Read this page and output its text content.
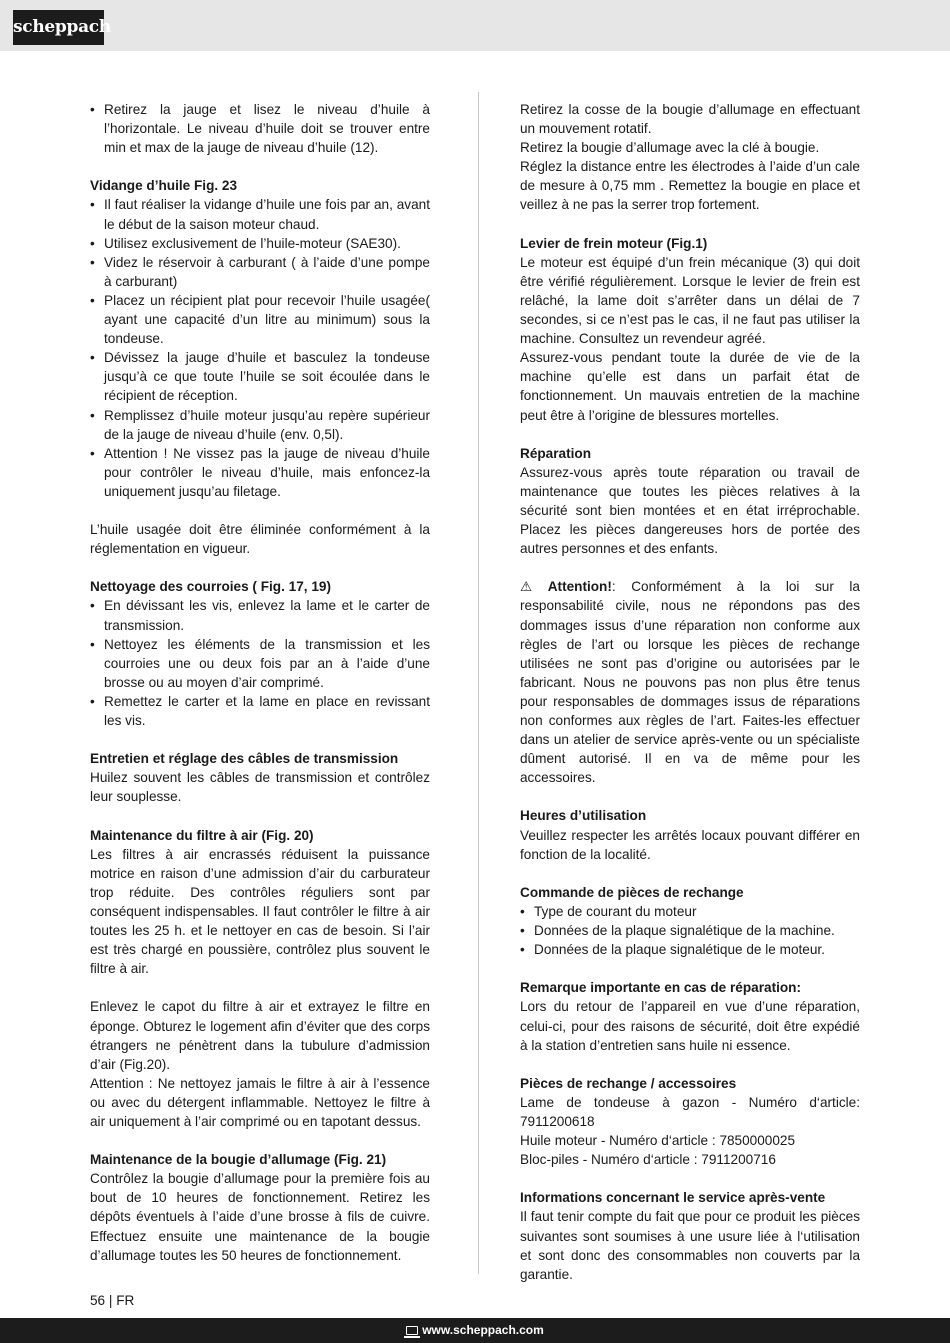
scheppach
• Retirez la jauge et lisez le niveau d’huile à l’horizontale. Le niveau d’huile doit se trouver entre min et max de la jauge de niveau d’huile (12).
Vidange d’huile Fig. 23
• Il faut réaliser la vidange d’huile une fois par an, avant le début de la saison moteur chaud.
• Utilisez exclusivement de l’huile-moteur (SAE30).
• Videz le réservoir à carburant ( à l’aide d’une pompe à carburant)
• Placez un récipient plat pour recevoir l’huile usagée( ayant une capacité d’un litre au minimum) sous la tondeuse.
• Dévissez la jauge d’huile et basculez la tondeuse jusqu’à ce que toute l’huile se soit écoulée dans le récipient de réception.
• Remplissez d’huile moteur jusqu’au repère supérieur de la jauge de niveau d’huile (env. 0,5l).
• Attention ! Ne vissez pas la jauge de niveau d’huile pour contrôler le niveau d’huile, mais enfoncez-la uniquement jusqu’au filetage.
L’huile usagée doit être éliminée conformément à la réglementation en vigueur.
Nettoyage des courroies ( Fig. 17, 19)
• En dévissant les vis, enlevez la lame et le carter de transmission.
• Nettoyez les éléments de la transmission et les courroies une ou deux fois par an à l’aide d’une brosse ou au moyen d’air comprimé.
• Remettez le carter et la lame en place en revissant les vis.
Entretien et réglage des câbles de transmission
Huilez souvent les câbles de transmission et contrôlez leur souplesse.
Maintenance du filtre à air (Fig. 20)
Les filtres à air encrassés réduisent la puissance motrice en raison d’une admission d’air du carburateur trop réduite. Des contrôles réguliers sont par conséquent indispensables. Il faut contrôler le filtre à air toutes les 25 h. et le nettoyer en cas de besoin. Si l’air est très chargé en poussière, contrôlez plus souvent le filtre à air.
Enlevez le capot du filtre à air et extrayez le filtre en éponge. Obturez le logement afin d’éviter que des corps étrangers ne pénètrent dans la tubulure d’admission d’air (Fig.20).
Attention : Ne nettoyez jamais le filtre à air à l’essence ou avec du détergent inflammable. Nettoyez le filtre à air uniquement à l’air comprimé ou en tapotant dessus.
Maintenance de la bougie d’allumage (Fig. 21)
Contrôlez la bougie d’allumage pour la première fois au bout de 10 heures de fonctionnement. Retirez les dépôts éventuels à l’aide d’une brosse à fils de cuivre. Effectuez ensuite une maintenance de la bougie d’allumage toutes les 50 heures de fonctionnement.
Retirez la cosse de la bougie d’allumage en effectuant un mouvement rotatif.
Retirez la bougie d’allumage avec la clé à bougie.
Réglez la distance entre les électrodes à l’aide d’un cale de mesure à 0,75 mm . Remettez la bougie en place et veillez à ne pas la serrer trop fortement.
Levier de frein moteur (Fig.1)
Le moteur est équipé d’un frein mécanique (3) qui doit être vérifié régulièrement. Lorsque le levier de frein est relâché, la lame doit s’arrêter dans un délai de 7 secondes, si ce n’est pas le cas, il ne faut pas utiliser la machine. Consultez un revendeur agréé.
Assurez-vous pendant toute la durée de vie de la machine qu’elle est dans un parfait état de fonctionnement. Un mauvais entretien de la machine peut être à l’origine de blessures mortelles.
Réparation
Assurez-vous après toute réparation ou travail de maintenance que toutes les pièces relatives à la sécurité sont bien montées et en état irréprochable. Placez les pièces dangereuses hors de portée des autres personnes et des enfants.
⚠ Attention!: Conformément à la loi sur la responsabilité civile, nous ne répondons pas des dommages issus d’une réparation non conforme aux règles de l’art ou lorsque les pièces de rechange utilisées ne sont pas d’origine ou autorisées par le fabricant. Nous ne pouvons pas non plus être tenus pour responsables de dommages issus de réparations non conformes aux règles de l’art. Faites-les effectuer dans un atelier de service après-vente ou un spécialiste dûment autorisé. Il en va de même pour les accessoires.
Heures d’utilisation
Veuillez respecter les arrêtés locaux pouvant différer en fonction de la localité.
Commande de pièces de rechange
• Type de courant du moteur
• Données de la plaque signalétique de la machine.
• Données de la plaque signalétique de le moteur.
Remarque importante en cas de réparation:
Lors du retour de l’appareil en vue d’une réparation, celui-ci, pour des raisons de sécurité, doit être expédié à la station d’entretien sans huile ni essence.
Pièces de rechange / accessoires
Lame de tondeuse à gazon - Numéro d‘article: 7911200618
Huile moteur - Numéro d‘article : 7850000025
Bloc-piles - Numéro d‘article : 7911200716
Informations concernant le service après-vente
Il faut tenir compte du fait que pour ce produit les pièces suivantes sont soumises à une usure liée à l‘utilisation et sont donc des consommables non couverts par la garantie.
56 | FR
www.scheppach.com
